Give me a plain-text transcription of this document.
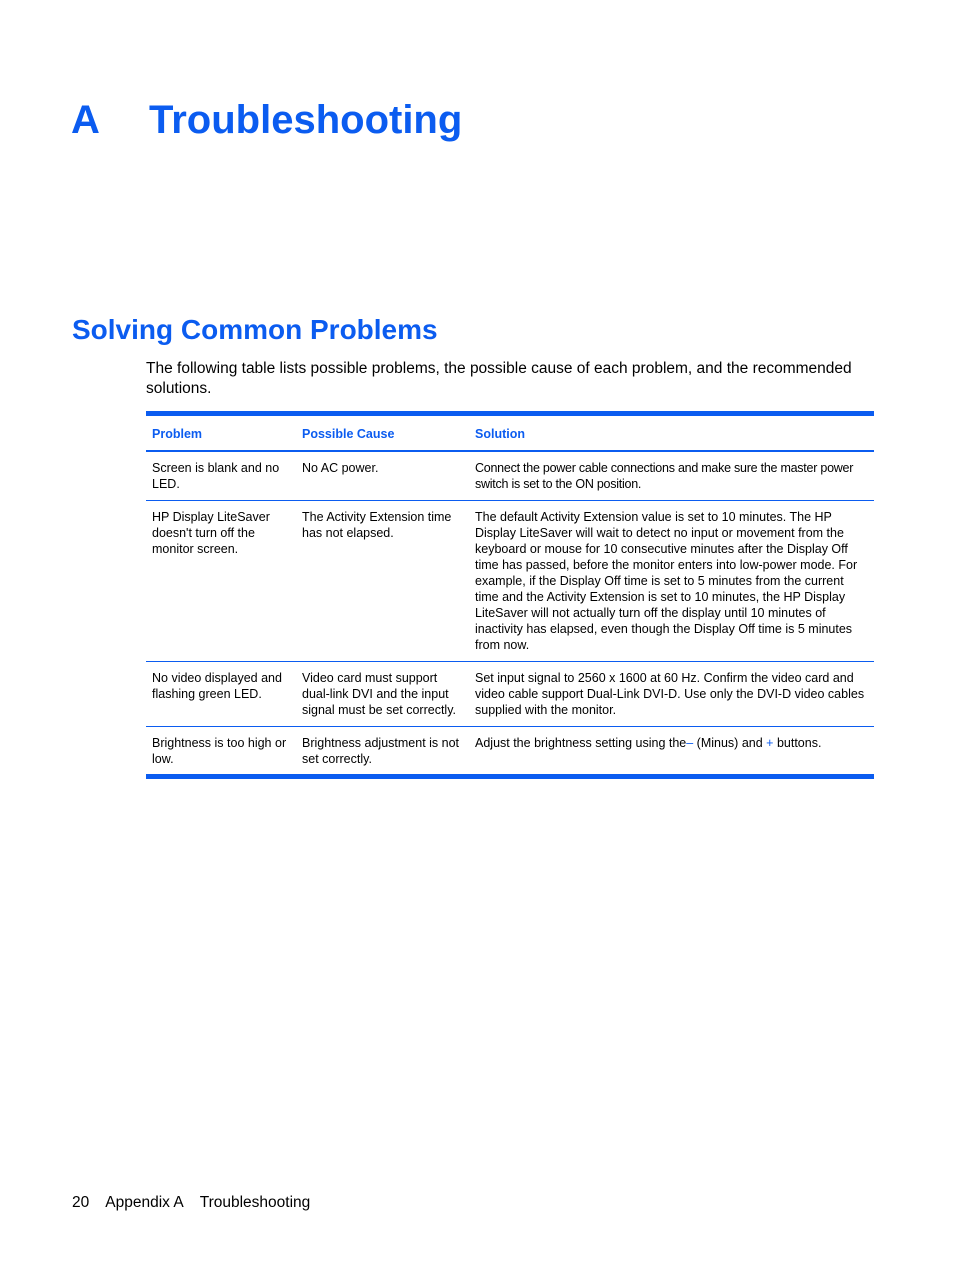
A Troubleshooting
Solving Common Problems

The following table lists possible problems, the possible cause of each problem, and the recommended solutions.

Problem	Possible Cause	Solution
Screen is blank and no LED.	No AC power.	Connect the power cable connections and make sure the master power switch is set to the ON position.
HP Display LiteSaver doesn't turn off the monitor screen.	The Activity Extension time has not elapsed.	The default Activity Extension value is set to 10 minutes. The HP Display LiteSaver will wait to detect no input or movement from the keyboard or mouse for 10 consecutive minutes after the Display Off time has passed, before the monitor enters into low-power mode. For example, if the Display Off time is set to 5 minutes from the current time and the Activity Extension is set to 10 minutes, the HP Display LiteSaver will not actually turn off the display until 10 minutes of inactivity has elapsed, even though the Display Off time is 5 minutes from now.
No video displayed and flashing green LED.	Video card must support dual-link DVI and the input signal must be set correctly.	Set input signal to 2560 x 1600 at 60 Hz. Confirm the video card and video cable support Dual-Link DVI-D. Use only the DVI-D video cables supplied with the monitor.
Brightness is too high or low.	Brightness adjustment is not set correctly.	Adjust the brightness setting using the– (Minus) and + buttons.
20 Appendix A Troubleshooting
